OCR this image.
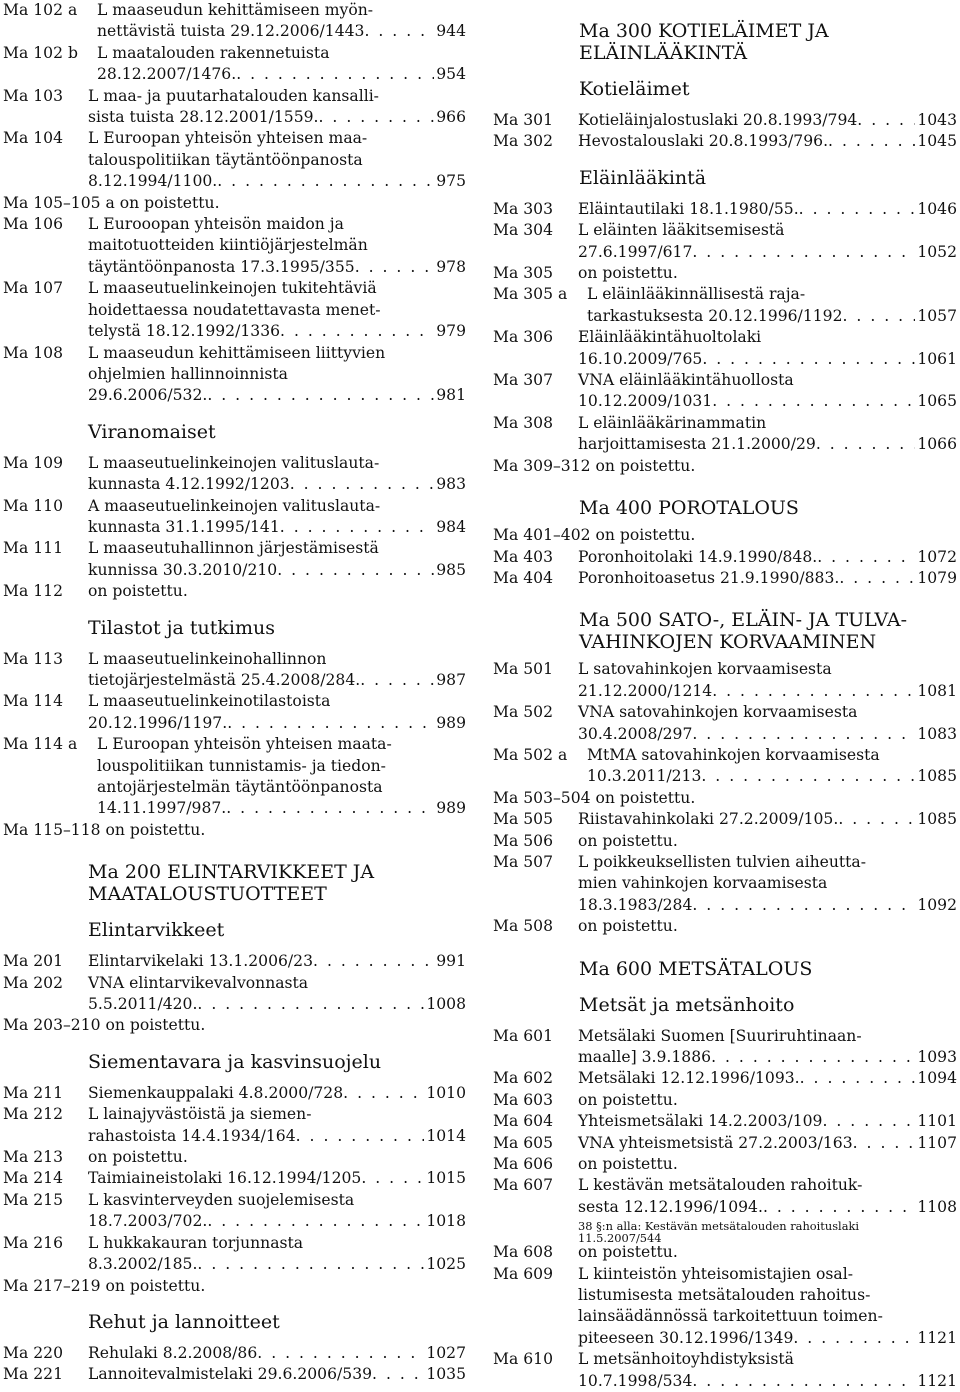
Ma 102 a L maaseudun kehittämiseen myön-
nettävistä tuista 29.12.2006/1443 . . .	944
Ma 102 b L maatalouden rakennetuista
28.12.2007/1476. . . .	954
Ma 103 L maa- ja puutarhatalouden kansalli-
sista tuista 28.12.2001/1559. . . .	966
Ma 104 L Euroopan yhteisön yhteisen maa-
talouspolitiikan täytäntöönpanosta
8.12.1994/1100. . . .	975
Ma 105–105 a on poistettu.
Ma 106 L Eurooopan yhteisön maidon ja
maitotuotteiden kiintiöjärjestelmän
täytäntöönpanosta 17.3.1995/355 . . .	978
Ma 107 L maaseutuelinkeinojen tukitehtäviä
hoidettaessa noudatettavasta menet-
telystä 18.12.1992/1336 . . .	979
Ma 108 L maaseudun kehittämiseen liittyvien
ohjelmien hallinnoinnista
29.6.2006/532. . . .	981
Viranomaiset
Ma 109 L maaseutuelinkeinojen valituslauta-
kunnasta 4.12.1992/1203 . . .	983
Ma 110 A maaseutuelinkeinojen valituslauta-
kunnasta 31.1.1995/141 . . .	984
Ma 111 L maaseutuhallinnon järjestämisestä
kunnissa 30.3.2010/210 . . .	985
Ma 112 on poistettu.
Tilastot ja tutkimus
Ma 113 L maaseutuelinkeinohallinnon
tietojärjestelmästä 25.4.2008/284. . . .	987
Ma 114 L maaseutuelinkeinotilastoista
20.12.1996/1197. . . .	989
Ma 114 a L Euroopan yhteisön yhteisen maata-
louspolitiikan tunnistamis- ja tiedon-
antojärjestelmän täytäntöönpanosta
14.11.1997/987. . . .	989
Ma 115–118 on poistettu.
Ma 200 ELINTARVIKKEET JA
MAATALOUSTUOTTEET
Elintarvikkeet
Ma 201 Elintarvikelaki 13.1.2006/23 . . .	991
Ma 202 VNA elintarvikevalvonnasta
5.5.2011/420. . . .	1008
Ma 203–210 on poistettu.
Siementavara ja kasvinsuojelu
Ma 211 Siemenkauppalaki 4.8.2000/728 . . .	1010
Ma 212 L lainajyvästöistä ja siemen-
rahastoista 14.4.1934/164 . . .	1014
Ma 213 on poistettu.
Ma 214 Taimiaineistolaki 16.12.1994/1205 . . .	1015
Ma 215 L kasvinterveyden suojelemisesta
18.7.2003/702. . . .	1018
Ma 216 L hukkakauran torjunnasta
8.3.2002/185. . . .	1025
Ma 217–219 on poistettu.
Rehut ja lannoitteet
Ma 220 Rehulaki 8.2.2008/86 . . .	1027
Ma 221 Lannoitevalmistelaki 29.6.2006/539 . . .	1035
Ma 300 KOTIELÄIMET JA
ELÄINLÄÄKINTÄ
Kotieläimet
Ma 301 Kotieläinjalostuslaki 20.8.1993/794 . . .	1043
Ma 302 Hevostalouslaki 20.8.1993/796. . . .	1045
Eläinlääkintä
Ma 303 Eläintautilaki 18.1.1980/55. . . .	1046
Ma 304 L eläinten lääkitsemisestä
27.6.1997/617 . . .	1052
Ma 305 on poistettu.
Ma 305 a L eläinlääkinnällisestä raja-
tarkastuksesta 20.12.1996/1192 . . .	1057
Ma 306 Eläinlääkintähuoltolaki
16.10.2009/765 . . .	1061
Ma 307 VNA eläinlääkintähuollosta
10.12.2009/1031 . . .	1065
Ma 308 L eläinlääkärinammatin
harjoittamisesta 21.1.2000/29 . . .	1066
Ma 309–312 on poistettu.
Ma 400 POROTALOUS
Ma 401–402 on poistettu.
Ma 403 Poronhoitolaki 14.9.1990/848. . . .	1072
Ma 404 Poronhoitoasetus 21.9.1990/883. . . .	1079
Ma 500 SATO-, ELÄIN- JA TULVA-
VAHINKOJEN KORVAAMINEN
Ma 501 L satovahinkojen korvaamisesta
21.12.2000/1214 . . .	1081
Ma 502 VNA satovahinkojen korvaamisesta
30.4.2008/297 . . .	1083
Ma 502 a MtMA satovahinkojen korvaamisesta
10.3.2011/213 . . .	1085
Ma 503–504 on poistettu.
Ma 505 Riistavahinkolaki 27.2.2009/105. . . .	1085
Ma 506 on poistettu.
Ma 507 L poikkeuksellisten tulvien aiheutta-
mien vahinkojen korvaamisesta
18.3.1983/284 . . .	1092
Ma 508 on poistettu.
Ma 600 METSÄTALOUS
Metsät ja metsänhoito
Ma 601 Metsälaki Suomen [Suuriruhtinaan-
maalle] 3.9.1886 . . .	1093
Ma 602 Metsälaki 12.12.1996/1093. . . .	1094
Ma 603 on poistettu.
Ma 604 Yhteismetsälaki 14.2.2003/109 . . .	1101
Ma 605 VNA yhteismetsistä 27.2.2003/163 . . .	1107
Ma 606 on poistettu.
Ma 607 L kestävän metsätalouden rahoituk-
sesta 12.12.1996/1094. . . .	1108
38 §:n alla: Kestävän metsätalouden rahoituslaki
11.5.2007/544
Ma 608 on poistettu.
Ma 609 L kiinteistön yhteisomistajien osal-
listumisesta metsätalouden rahoitus-
lainsäädännössä tarkoitettuun toimen-
piteeseen 30.12.1996/1349 . . .	1121
Ma 610 L metsänhoitoyhdistyksistä
10.7.1998/534 . . .	1121
